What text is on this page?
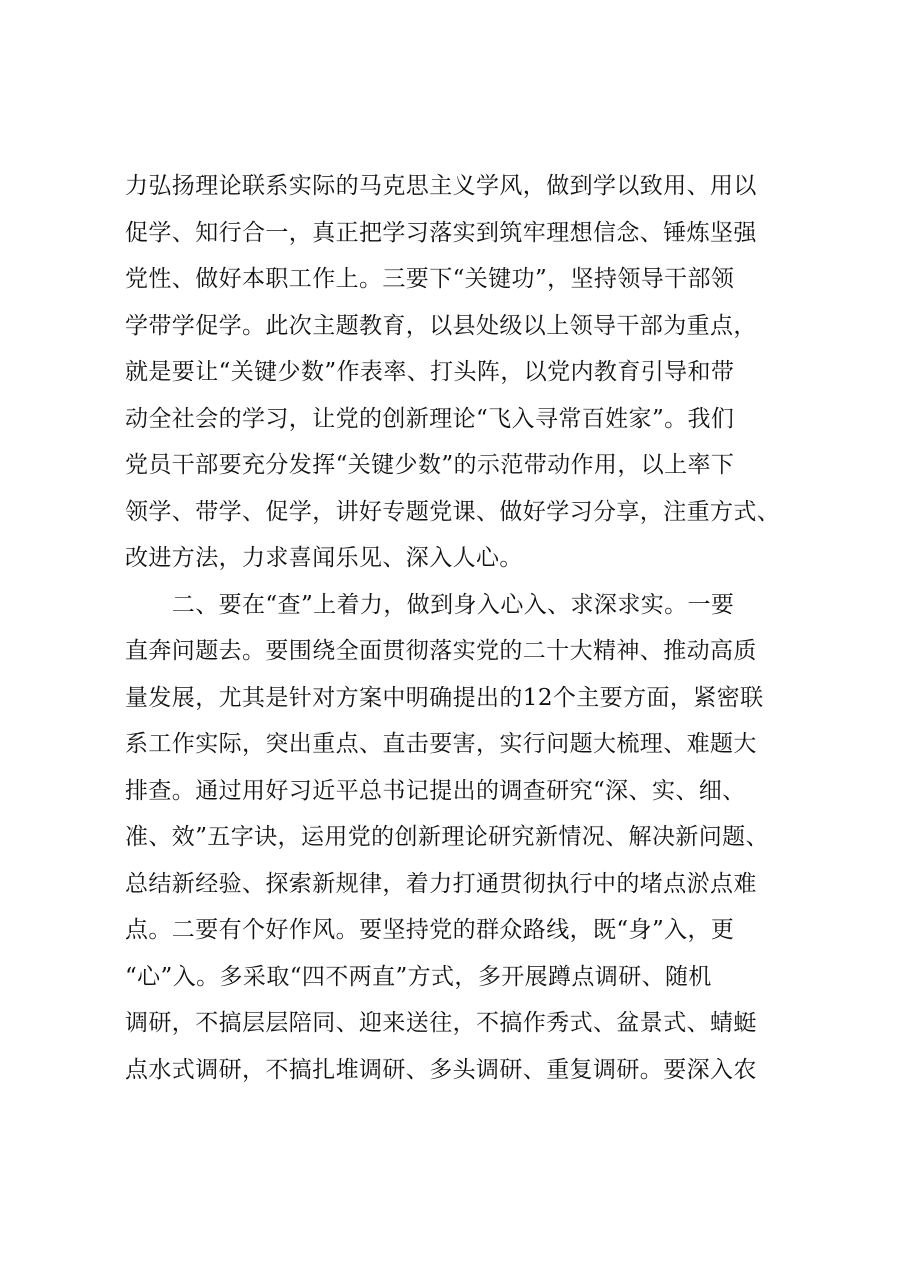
力弘扬理论联系实际的马克思主义学风，做到学以致用、用以
促学、知行合一，真正把学习落实到筑牢理想信念、锤炼坚强
党性、做好本职工作上。三要下“关键功”，坚持领导干部领
学带学促学。此次主题教育，以县处级以上领导干部为重点，
就是要让“关键少数”作表率、打头阵，以党内教育引导和带
动全社会的学习，让党的创新理论“飞入寻常百姓家”。我们
党员干部要充分发挥“关键少数”的示范带动作用，以上率下
领学、带学、促学，讲好专题党课、做好学习分享，注重方式、
改进方法，力求喜闻乐见、深入人心。
　　二、要在“查”上着力，做到身入心入、求深求实。一要
直奔问题去。要围绕全面贯彻落实党的二十大精神、推动高质
量发展，尤其是针对方案中明确提出的12个主要方面，紧密联
系工作实际，突出重点、直击要害，实行问题大梳理、难题大
排查。通过用好习近平总书记提出的调查研究“深、实、细、
准、效”五字诀，运用党的创新理论研究新情况、解决新问题、
总结新经验、探索新规律，着力打通贯彻执行中的堵点淤点难
点。二要有个好作风。要坚持党的群众路线，既“身”入，更
“心”入。多采取“四不两直”方式，多开展蹲点调研、随机
调研，不搞层层陪同、迎来送往，不搞作秀式、盆景式、蜻蜓
点水式调研，不搞扎堆调研、多头调研、重复调研。要深入农
